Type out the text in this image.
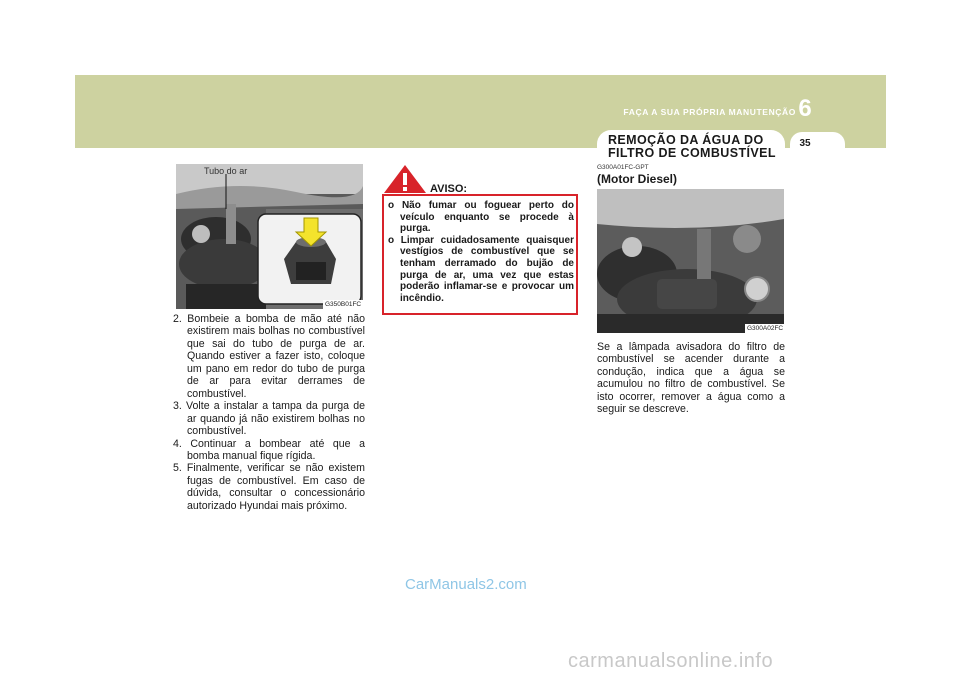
FAÇA A SUA PRÓPRIA MANUTENÇÃO 6
REMOÇÃO DA ÁGUA DO FILTRO DE COMBUSTÍVEL
35
Tubo do ar
G350B01FC
2. Bombeie a bomba de mão até não existirem mais bolhas no combustível que sai do tubo de purga de ar. Quando estiver a fazer isto, coloque um pano em redor do tubo de purga de ar para evitar derrames de combustível.
3. Volte a instalar a tampa da purga de ar quando já não existirem bolhas no combustível.
4. Continuar a bombear até que a bomba manual fique rígida.
5. Finalmente, verificar se não existem fugas de combustível. Em caso de dúvida, consultar o concessionário autorizado Hyundai mais próximo.
AVISO:
o Não fumar ou foguear perto do veículo enquanto se procede à purga.
o Limpar cuidadosamente quaisquer vestígios de combustível que se tenham derramado do bujão de purga de ar, uma vez que estas poderão inflamar-se e provocar um incêndio.
G300A01FC-GPT
(Motor Diesel)
G300A02FC

Se a lâmpada avisadora do filtro de combustível se acender durante a condução, indica que a água se acumulou no filtro de combustível. Se isto ocorrer, remover a água como a seguir se descreve.

CarManuals2.com
carmanualsonline.info
